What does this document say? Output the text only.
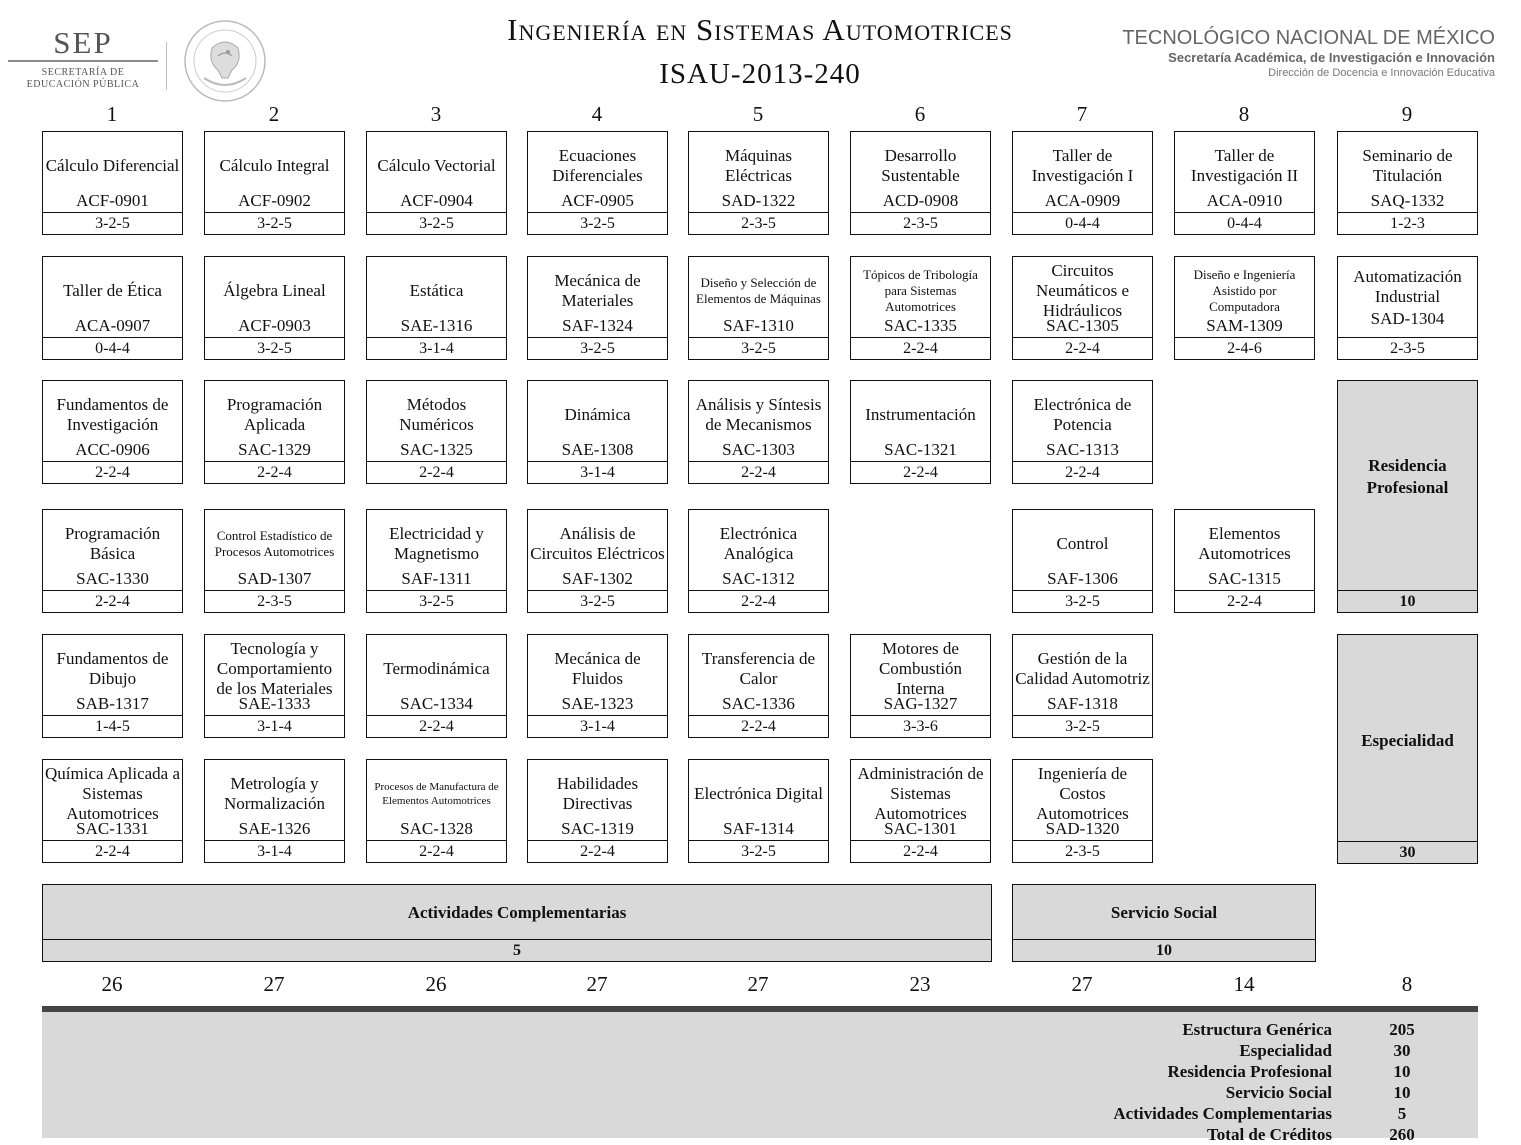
SEP
SECRETARÍA DE
EDUCACIÓN PÚBLICA
Ingeniería en Sistemas Automotrices
ISAU-2013-240
TECNOLÓGICO NACIONAL DE MÉXICO
Secretaría Académica, de Investigación e Innovación
Dirección de Docencia e Innovación Educativa
1	2	3	4	5	6	7	8	9
Cálculo Diferencial
ACF-0901
3-2-5
Cálculo Integral
ACF-0902
3-2-5
Cálculo Vectorial
ACF-0904
3-2-5
Ecuaciones Diferenciales
ACF-0905
3-2-5
Máquinas Eléctricas
SAD-1322
2-3-5
Desarrollo Sustentable
ACD-0908
2-3-5
Taller de Investigación I
ACA-0909
0-4-4
Taller de Investigación II
ACA-0910
0-4-4
Seminario de Titulación
SAQ-1332
1-2-3
Taller de Ética
ACA-0907
0-4-4
Álgebra Lineal
ACF-0903
3-2-5
Estática
SAE-1316
3-1-4
Mecánica de Materiales
SAF-1324
3-2-5
Diseño y Selección de Elementos de Máquinas
SAF-1310
3-2-5
Tópicos de Tribología para Sistemas Automotrices
SAC-1335
2-2-4
Circuitos Neumáticos e Hidráulicos
SAC-1305
2-2-4
Diseño e Ingeniería Asistido por Computadora
SAM-1309
2-4-6
Automatización Industrial
SAD-1304
2-3-5
Fundamentos de Investigación
ACC-0906
2-2-4
Programación Aplicada
SAC-1329
2-2-4
Métodos Numéricos
SAC-1325
2-2-4
Dinámica
SAE-1308
3-1-4
Análisis y Síntesis de Mecanismos
SAC-1303
2-2-4
Instrumentación
SAC-1321
2-2-4
Electrónica de Potencia
SAC-1313
2-2-4
Programación Básica
SAC-1330
2-2-4
Control Estadístico de Procesos Automotrices
SAD-1307
2-3-5
Electricidad y Magnetismo
SAF-1311
3-2-5
Análisis de Circuitos Eléctricos
SAF-1302
3-2-5
Electrónica Analógica
SAC-1312
2-2-4
Control
SAF-1306
3-2-5
Elementos Automotrices
SAC-1315
2-2-4
Fundamentos de Dibujo
SAB-1317
1-4-5
Tecnología y Comportamiento de los Materiales
SAE-1333
3-1-4
Termodinámica
SAC-1334
2-2-4
Mecánica de Fluidos
SAE-1323
3-1-4
Transferencia de Calor
SAC-1336
2-2-4
Motores de Combustión Interna
SAG-1327
3-3-6
Gestión de la Calidad Automotriz
SAF-1318
3-2-5
Química Aplicada a Sistemas Automotrices
SAC-1331
2-2-4
Metrología y Normalización
SAE-1326
3-1-4
Procesos de Manufactura de Elementos Automotrices
SAC-1328
2-2-4
Habilidades Directivas
SAC-1319
2-2-4
Electrónica Digital
SAF-1314
3-2-5
Administración de Sistemas Automotrices
SAC-1301
2-2-4
Ingeniería de Costos Automotrices
SAD-1320
2-3-5
26	27	26	27	27	23	27	14	8
Residencia Profesional
10
Especialidad
30
Actividades Complementarias
5
Servicio Social
10
Estructura Genérica	205
Especialidad	30
Residencia Profesional	10
Servicio Social	10
Actividades Complementarias	5
Total de Créditos	260
